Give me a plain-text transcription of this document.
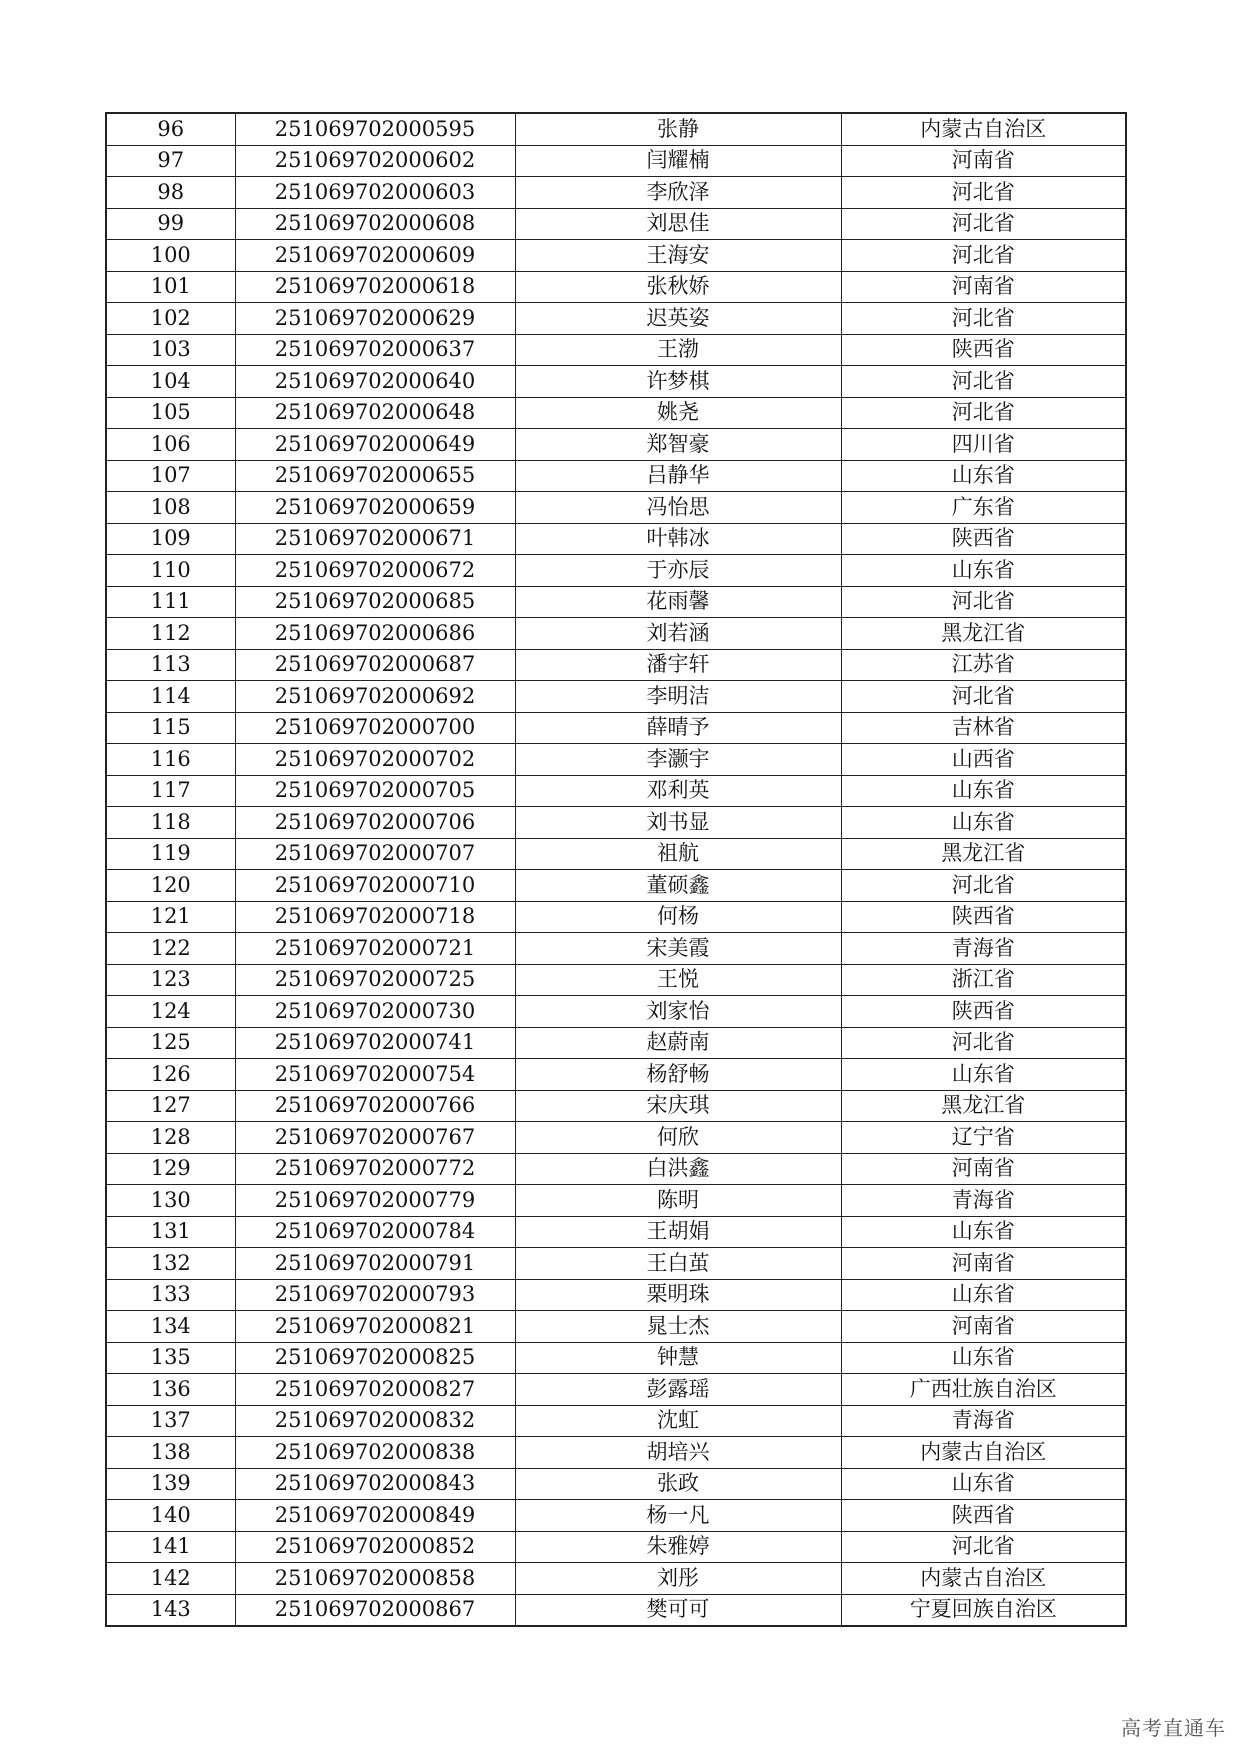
96	251069702000595	张静	内蒙古自治区
97	251069702000602	闫耀楠	河南省
98	251069702000603	李欣泽	河北省
99	251069702000608	刘思佳	河北省
100	251069702000609	王海安	河北省
101	251069702000618	张秋娇	河南省
102	251069702000629	迟英姿	河北省
103	251069702000637	王渤	陕西省
104	251069702000640	许梦棋	河北省
105	251069702000648	姚尧	河北省
106	251069702000649	郑智豪	四川省
107	251069702000655	吕静华	山东省
108	251069702000659	冯怡思	广东省
109	251069702000671	叶韩冰	陕西省
110	251069702000672	于亦辰	山东省
111	251069702000685	花雨馨	河北省
112	251069702000686	刘若涵	黑龙江省
113	251069702000687	潘宇轩	江苏省
114	251069702000692	李明洁	河北省
115	251069702000700	薛晴予	吉林省
116	251069702000702	李灏宇	山西省
117	251069702000705	邓利英	山东省
118	251069702000706	刘书显	山东省
119	251069702000707	祖航	黑龙江省
120	251069702000710	董硕鑫	河北省
121	251069702000718	何杨	陕西省
122	251069702000721	宋美霞	青海省
123	251069702000725	王悦	浙江省
124	251069702000730	刘家怡	陕西省
125	251069702000741	赵蔚南	河北省
126	251069702000754	杨舒畅	山东省
127	251069702000766	宋庆琪	黑龙江省
128	251069702000767	何欣	辽宁省
129	251069702000772	白洪鑫	河南省
130	251069702000779	陈明	青海省
131	251069702000784	王胡娟	山东省
132	251069702000791	王白茧	河南省
133	251069702000793	栗明珠	山东省
134	251069702000821	晁士杰	河南省
135	251069702000825	钟慧	山东省
136	251069702000827	彭露瑶	广西壮族自治区
137	251069702000832	沈虹	青海省
138	251069702000838	胡培兴	内蒙古自治区
139	251069702000843	张政	山东省
140	251069702000849	杨一凡	陕西省
141	251069702000852	朱雅婷	河北省
142	251069702000858	刘彤	内蒙古自治区
143	251069702000867	樊可可	宁夏回族自治区
高考直通车
